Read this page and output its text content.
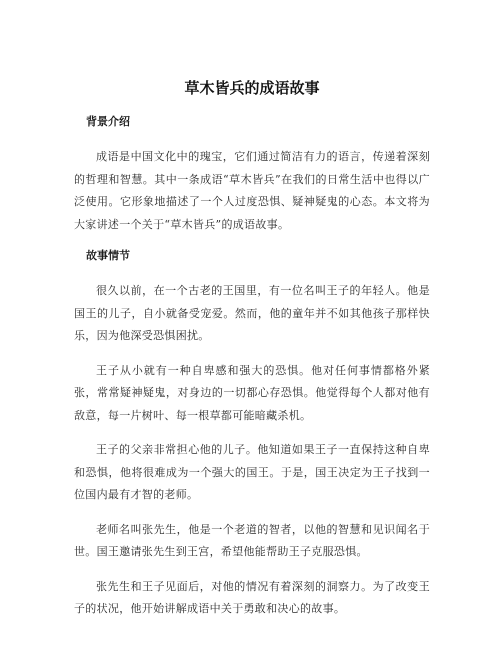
草木皆兵的成语故事
背景介绍

成语是中国文化中的瑰宝，它们通过简洁有力的语言，传递着深刻的哲理和智慧。其中一条成语“草木皆兵”在我们的日常生活中也得以广泛使用。它形象地描述了一个人过度恐惧、疑神疑鬼的心态。本文将为大家讲述一个关于“草木皆兵”的成语故事。

故事情节

很久以前，在一个古老的王国里，有一位名叫王子的年轻人。他是国王的儿子，自小就备受宠爱。然而，他的童年并不如其他孩子那样快乐，因为他深受恐惧困扰。

王子从小就有一种自卑感和强大的恐惧。他对任何事情都格外紧张，常常疑神疑鬼，对身边的一切都心存恐惧。他觉得每个人都对他有敌意，每一片树叶、每一根草都可能暗藏杀机。

王子的父亲非常担心他的儿子。他知道如果王子一直保持这种自卑和恐惧，他将很难成为一个强大的国王。于是，国王决定为王子找到一位国内最有才智的老师。

老师名叫张先生，他是一个老道的智者，以他的智慧和见识闻名于世。国王邀请张先生到王宫，希望他能帮助王子克服恐惧。

张先生和王子见面后，对他的情况有着深刻的洞察力。为了改变王子的状况，他开始讲解成语中关于勇敢和决心的故事。
